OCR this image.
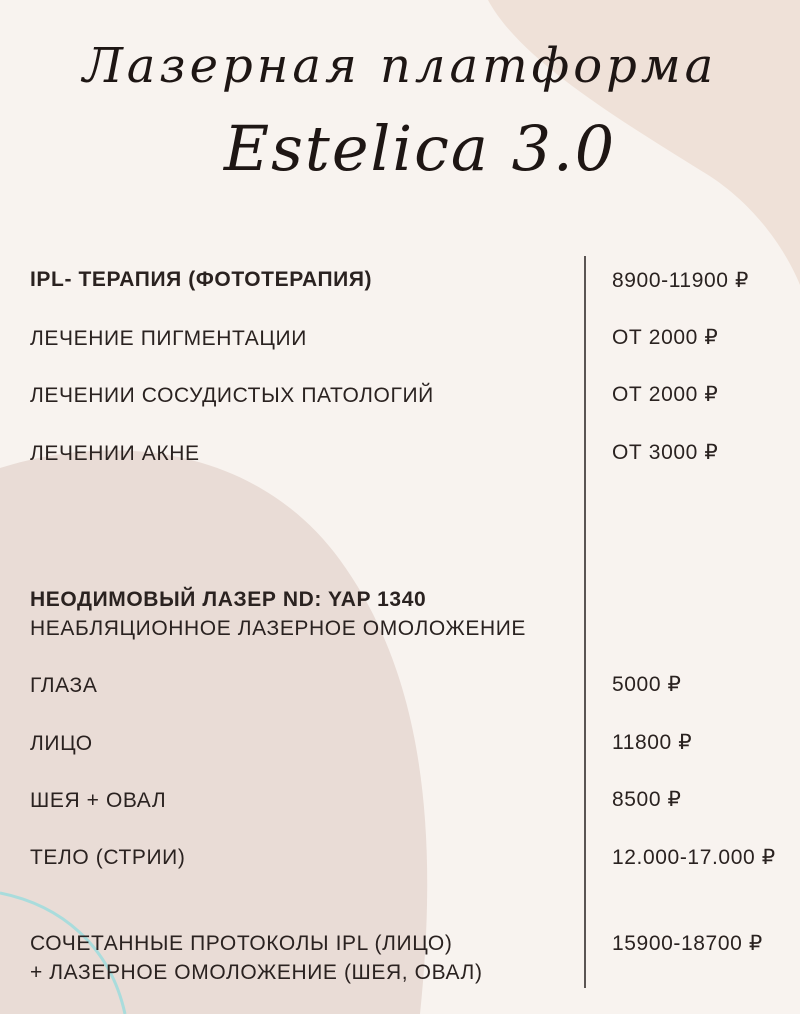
Лазерная платформа
Estelica 3.0
IPL- ТЕРАПИЯ (ФОТОТЕРАПИЯ)	8900-11900 ₽
ЛЕЧЕНИЕ ПИГМЕНТАЦИИ	ОТ 2000 ₽
ЛЕЧЕНИИ СОСУДИСТЫХ ПАТОЛОГИЙ	ОТ 2000 ₽
ЛЕЧЕНИИ АКНЕ	ОТ 3000 ₽
НЕОДИМОВЫЙ ЛАЗЕР ND: YAP 1340
НЕАБЛЯЦИОННОЕ ЛАЗЕРНОЕ ОМОЛОЖЕНИЕ
ГЛАЗА	5000 ₽
ЛИЦО	11800 ₽
ШЕЯ + ОВАЛ	8500 ₽
ТЕЛО (СТРИИ)	12.000-17.000 ₽
СОЧЕТАННЫЕ ПРОТОКОЛЫ IPL (ЛИЦО)
+ ЛАЗЕРНОЕ ОМОЛОЖЕНИЕ (ШЕЯ, ОВАЛ)
15900-18700 ₽
